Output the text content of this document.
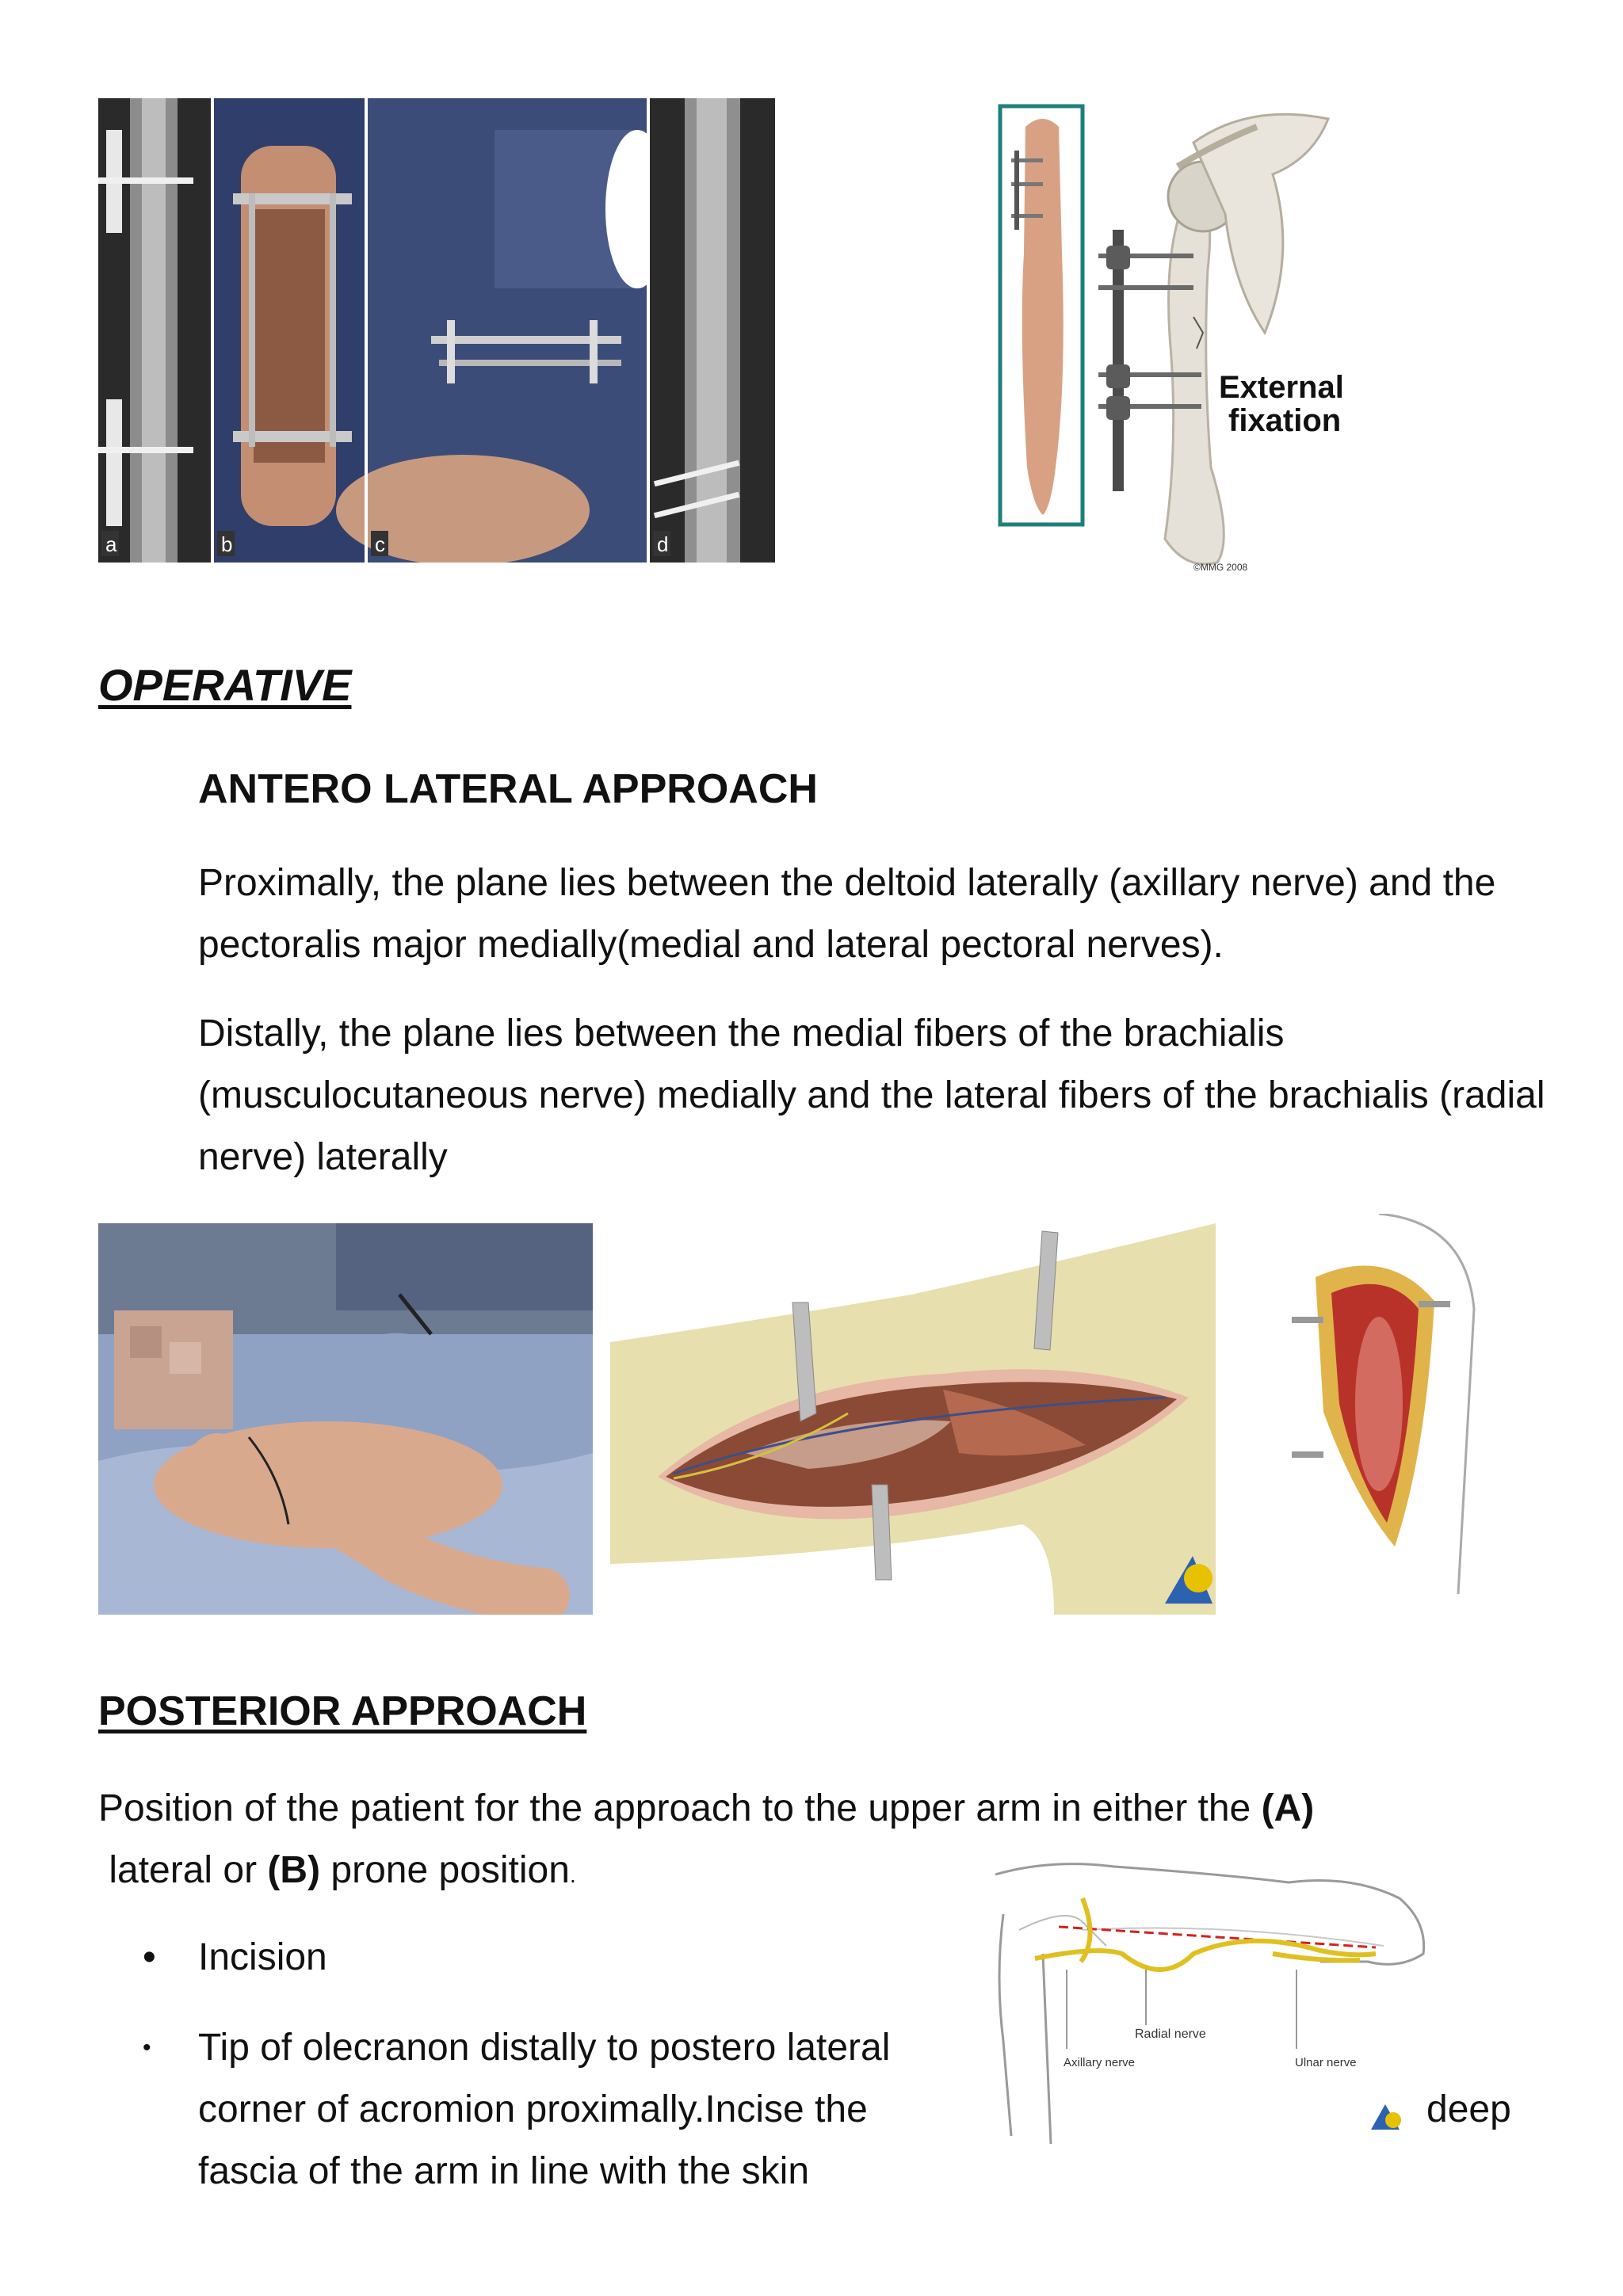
a	b	c	d
External
fixation
©MMG 2008
OPERATIVE
ANTERO LATERAL APPROACH

Proximally, the plane lies between the deltoid laterally (axillary nerve) and the pectoralis major medially(medial and lateral pectoral nerves).

Distally, the plane lies between the medial fibers of the brachialis (musculocutaneous nerve) medially and the lateral fibers of the brachialis (radial nerve) laterally

POSTERIOR APPROACH

Position of the patient for the approach to the upper arm in either the (A)
lateral or (B) prone position.

• Incision
• Tip of olecranon distally to postero lateral corner of acromion proximally.Incise the fascia of the arm in line with the skin
Radial nerve
Axillary nerve	Ulnar nerve
deep
